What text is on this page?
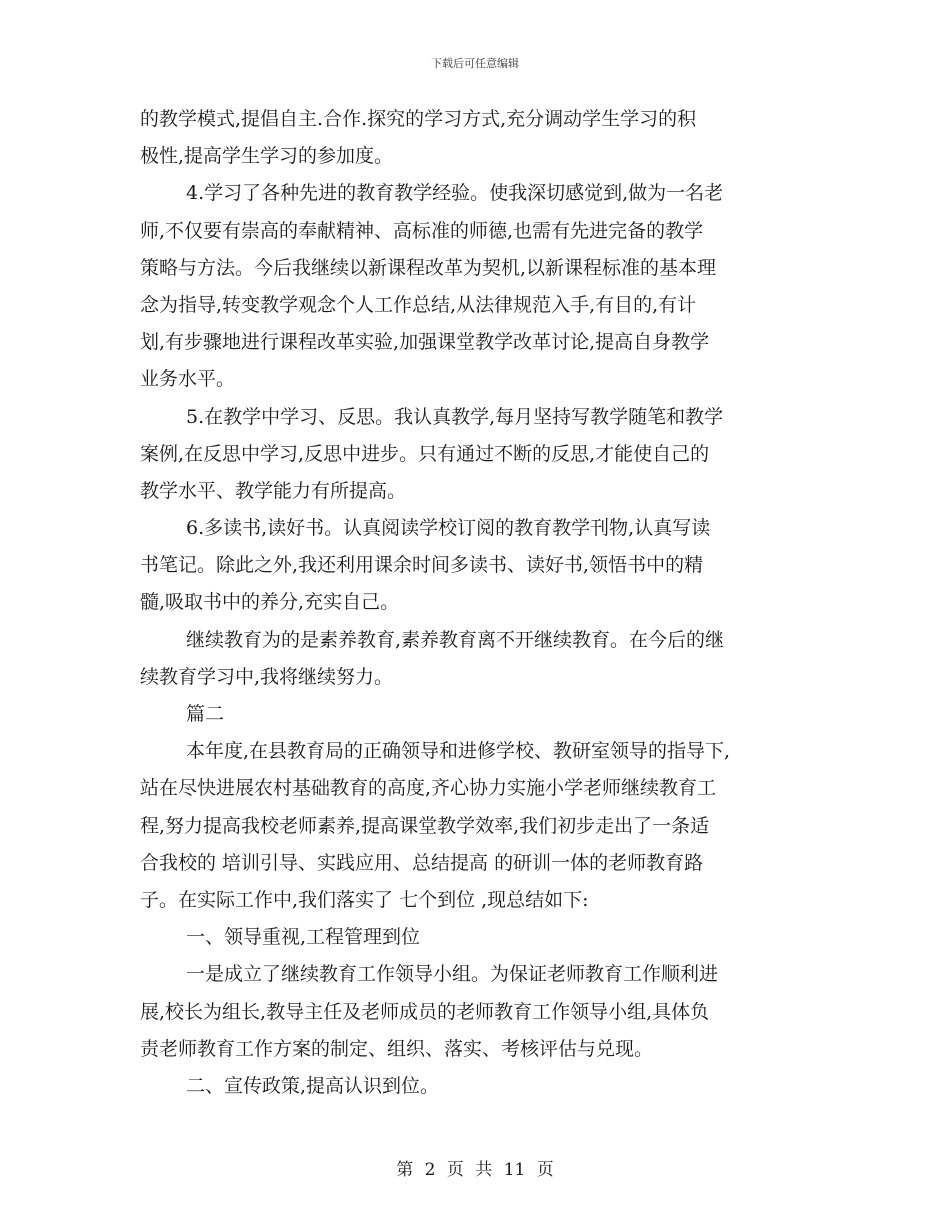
下载后可任意编辑
的教学模式,提倡自主.合作.探究的学习方式,充分调动学生学习的积
极性,提高学生学习的参加度。
4.学习了各种先进的教育教学经验。使我深切感觉到,做为一名老
师,不仅要有崇高的奉献精神、高标准的师德,也需有先进完备的教学
策略与方法。今后我继续以新课程改革为契机,以新课程标准的基本理
念为指导,转变教学观念个人工作总结,从法律规范入手,有目的,有计
划,有步骤地进行课程改革实验,加强课堂教学改革讨论,提高自身教学
业务水平。
5.在教学中学习、反思。我认真教学,每月坚持写教学随笔和教学
案例,在反思中学习,反思中进步。只有通过不断的反思,才能使自己的
教学水平、教学能力有所提高。
6.多读书,读好书。认真阅读学校订阅的教育教学刊物,认真写读
书笔记。除此之外,我还利用课余时间多读书、读好书,领悟书中的精
髓,吸取书中的养分,充实自己。
继续教育为的是素养教育,素养教育离不开继续教育。在今后的继
续教育学习中,我将继续努力。
篇二
本年度,在县教育局的正确领导和进修学校、教研室领导的指导下,
站在尽快进展农村基础教育的高度,齐心协力实施小学老师继续教育工
程,努力提高我校老师素养,提高课堂教学效率,我们初步走出了一条适
合我校的 培训引导、实践应用、总结提高 的研训一体的老师教育路
子。在实际工作中,我们落实了 七个到位 ,现总结如下:
一、领导重视,工程管理到位
一是成立了继续教育工作领导小组。为保证老师教育工作顺利进
展,校长为组长,教导主任及老师成员的老师教育工作领导小组,具体负
责老师教育工作方案的制定、组织、落实、考核评估与兑现。
二、宣传政策,提高认识到位。
第 2 页 共 11 页
